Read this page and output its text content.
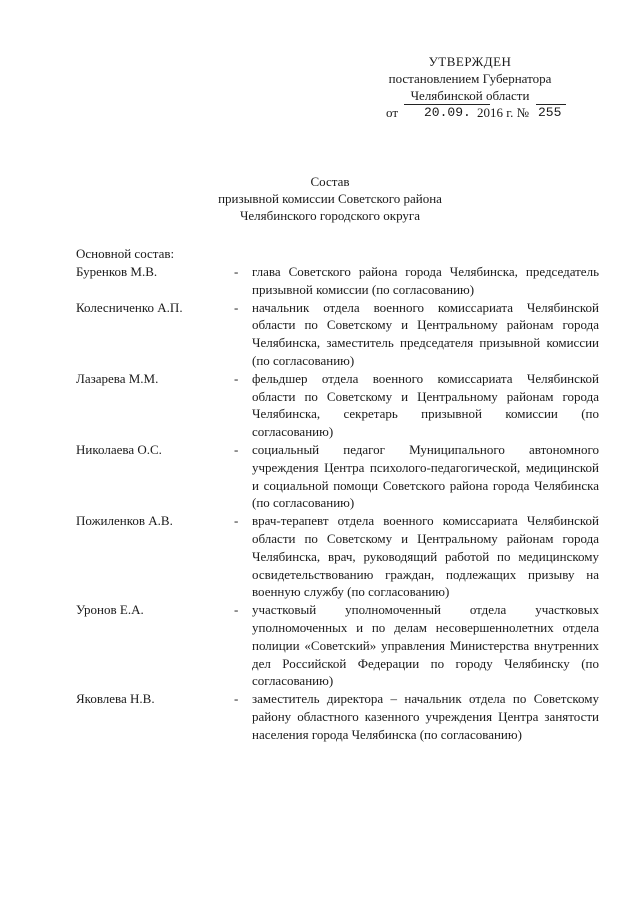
УТВЕРЖДЕН
постановлением Губернатора
Челябинской области
от 20.09. 2016 г. № 255
Состав
призывной комиссии Советского района
Челябинского городского округа
Основной состав:
Буренков М.В.	-	глава Советского района города Челябинска, председатель призывной комиссии (по согласованию)
Колесниченко А.П.	-	начальник отдела военного комиссариата Челябинской области по Советскому и Центральному районам города Челябинска, заместитель председателя призывной комиссии (по согласованию)
Лазарева М.М.	-	фельдшер отдела военного комиссариата Челябинской области по Советскому и Центральному районам города Челябинска, секретарь призывной комиссии (по согласованию)
Николаева О.С.	-	социальный педагог Муниципального автономного учреждения Центра психолого-педагогической, медицинской и социальной помощи Советского района города Челябинска (по согласованию)
Пожиленков А.В.	-	врач-терапевт отдела военного комиссариата Челябинской области по Советскому и Центральному районам города Челябинска, врач, руководящий работой по медицинскому освидетельствованию граждан, подлежащих призыву на военную службу (по согласованию)
Уронов Е.А.	-	участковый уполномоченный отдела участковых уполномоченных и по делам несовершеннолетних отдела полиции «Советский» управления Министерства внутренних дел Российской Федерации по городу Челябинску (по согласованию)
Яковлева Н.В.	-	заместитель директора – начальник отдела по Советскому району областного казенного учреждения Центра занятости населения города Челябинска (по согласованию)
